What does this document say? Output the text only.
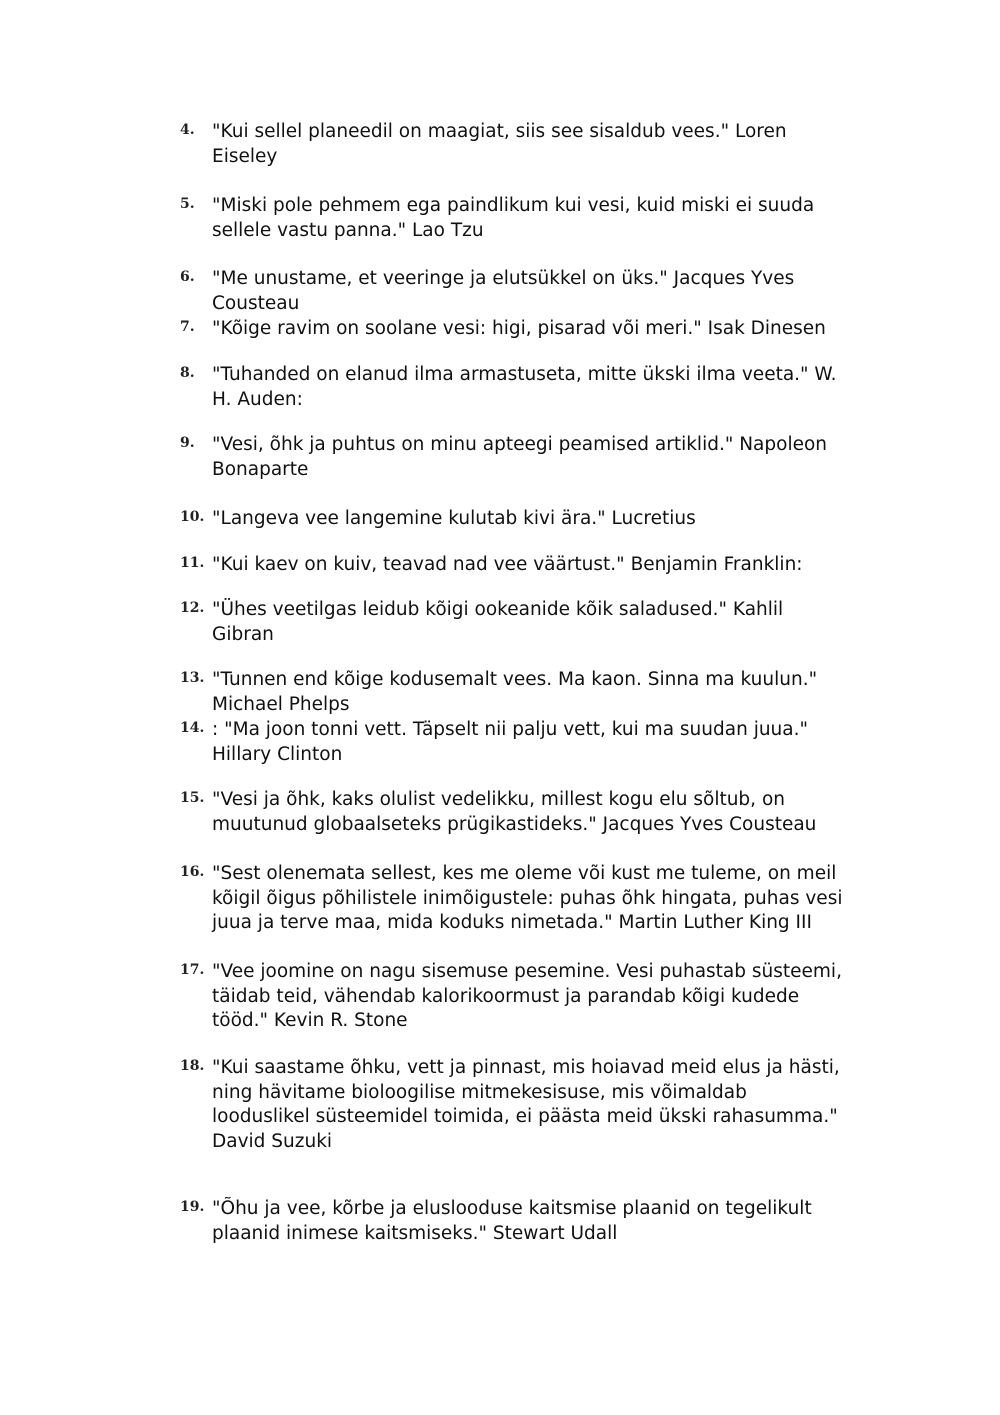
4. "Kui sellel planeedil on maagiat, siis see sisaldub vees." Loren Eiseley
5. "Miski pole pehmem ega paindlikum kui vesi, kuid miski ei suuda sellele vastu panna." Lao Tzu
6. "Me unustame, et veeringe ja elutsükkel on üks." Jacques Yves Cousteau
7. "Kõige ravim on soolane vesi: higi, pisarad või meri." Isak Dinesen
8. "Tuhanded on elanud ilma armastuseta, mitte ükski ilma veeta." W. H. Auden:
9. "Vesi, õhk ja puhtus on minu apteegi peamised artiklid." Napoleon Bonaparte
10. "Langeva vee langemine kulutab kivi ära." Lucretius
11. "Kui kaev on kuiv, teavad nad vee väärtust." Benjamin Franklin:
12. "Ühes veetilgas leidub kõigi ookeanide kõik saladused." Kahlil Gibran
13. "Tunnen end kõige kodusemalt vees. Ma kaon. Sinna ma kuulun." Michael Phelps
14. : "Ma joon tonni vett. Täpselt nii palju vett, kui ma suudan juua." Hillary Clinton
15. "Vesi ja õhk, kaks olulist vedelikku, millest kogu elu sõltub, on muutunud globaalseteks prügikastideks." Jacques Yves Cousteau
16. "Sest olenemata sellest, kes me oleme või kust me tuleme, on meil kõigil õigus põhilistele inimõigustele: puhas õhk hingata, puhas vesi juua ja terve maa, mida koduks nimetada." Martin Luther King III
17. "Vee joomine on nagu sisemuse pesemine. Vesi puhastab süsteemi, täidab teid, vähendab kalorikoormust ja parandab kõigi kudede tööd." Kevin R. Stone
18. "Kui saastame õhku, vett ja pinnast, mis hoiavad meid elus ja hästi, ning hävitame bioloogilise mitmekesisuse, mis võimaldab looduslikel süsteemidel toimida, ei päästa meid ükski rahasumma." David Suzuki
19. "Õhu ja vee, kõrbe ja elusloodusе kaitsmise plaanid on tegelikult plaanid inimese kaitsmiseks." Stewart Udall
